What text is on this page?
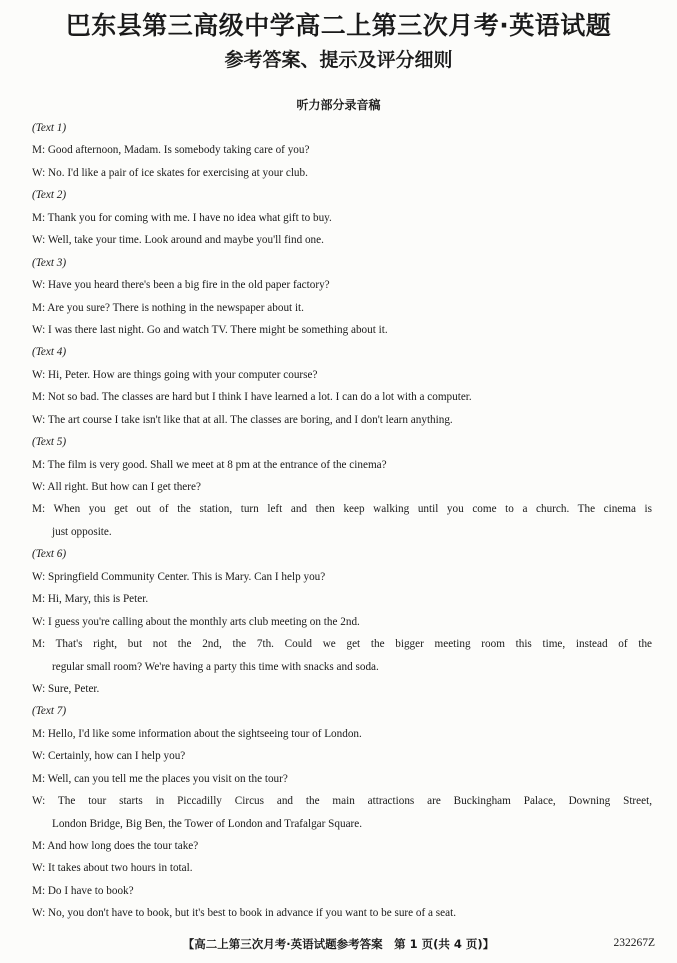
巴东县第三高级中学高二上第三次月考·英语试题
参考答案、提示及评分细则
听力部分录音稿
(Text 1)
M: Good afternoon, Madam. Is somebody taking care of you?
W: No. I'd like a pair of ice skates for exercising at your club.
(Text 2)
M: Thank you for coming with me. I have no idea what gift to buy.
W: Well, take your time. Look around and maybe you'll find one.
(Text 3)
W: Have you heard there's been a big fire in the old paper factory?
M: Are you sure? There is nothing in the newspaper about it.
W: I was there last night. Go and watch TV. There might be something about it.
(Text 4)
W: Hi, Peter. How are things going with your computer course?
M: Not so bad. The classes are hard but I think I have learned a lot. I can do a lot with a computer.
W: The art course I take isn't like that at all. The classes are boring, and I don't learn anything.
(Text 5)
M: The film is very good. Shall we meet at 8 pm at the entrance of the cinema?
W: All right. But how can I get there?
M: When you get out of the station, turn left and then keep walking until you come to a church. The cinema is
just opposite.
(Text 6)
W: Springfield Community Center. This is Mary. Can I help you?
M: Hi, Mary, this is Peter.
W: I guess you're calling about the monthly arts club meeting on the 2nd.
M: That's right, but not the 2nd, the 7th. Could we get the bigger meeting room this time, instead of the
regular small room? We're having a party this time with snacks and soda.
W: Sure, Peter.
(Text 7)
M: Hello, I'd like some information about the sightseeing tour of London.
W: Certainly, how can I help you?
M: Well, can you tell me the places you visit on the tour?
W: The tour starts in Piccadilly Circus and the main attractions are Buckingham Palace, Downing Street,
London Bridge, Big Ben, the Tower of London and Trafalgar Square.
M: And how long does the tour take?
W: It takes about two hours in total.
M: Do I have to book?
W: No, you don't have to book, but it's best to book in advance if you want to be sure of a seat.
【高二上第三次月考·英语试题参考答案　第 1 页(共 4 页)】	232267Z
